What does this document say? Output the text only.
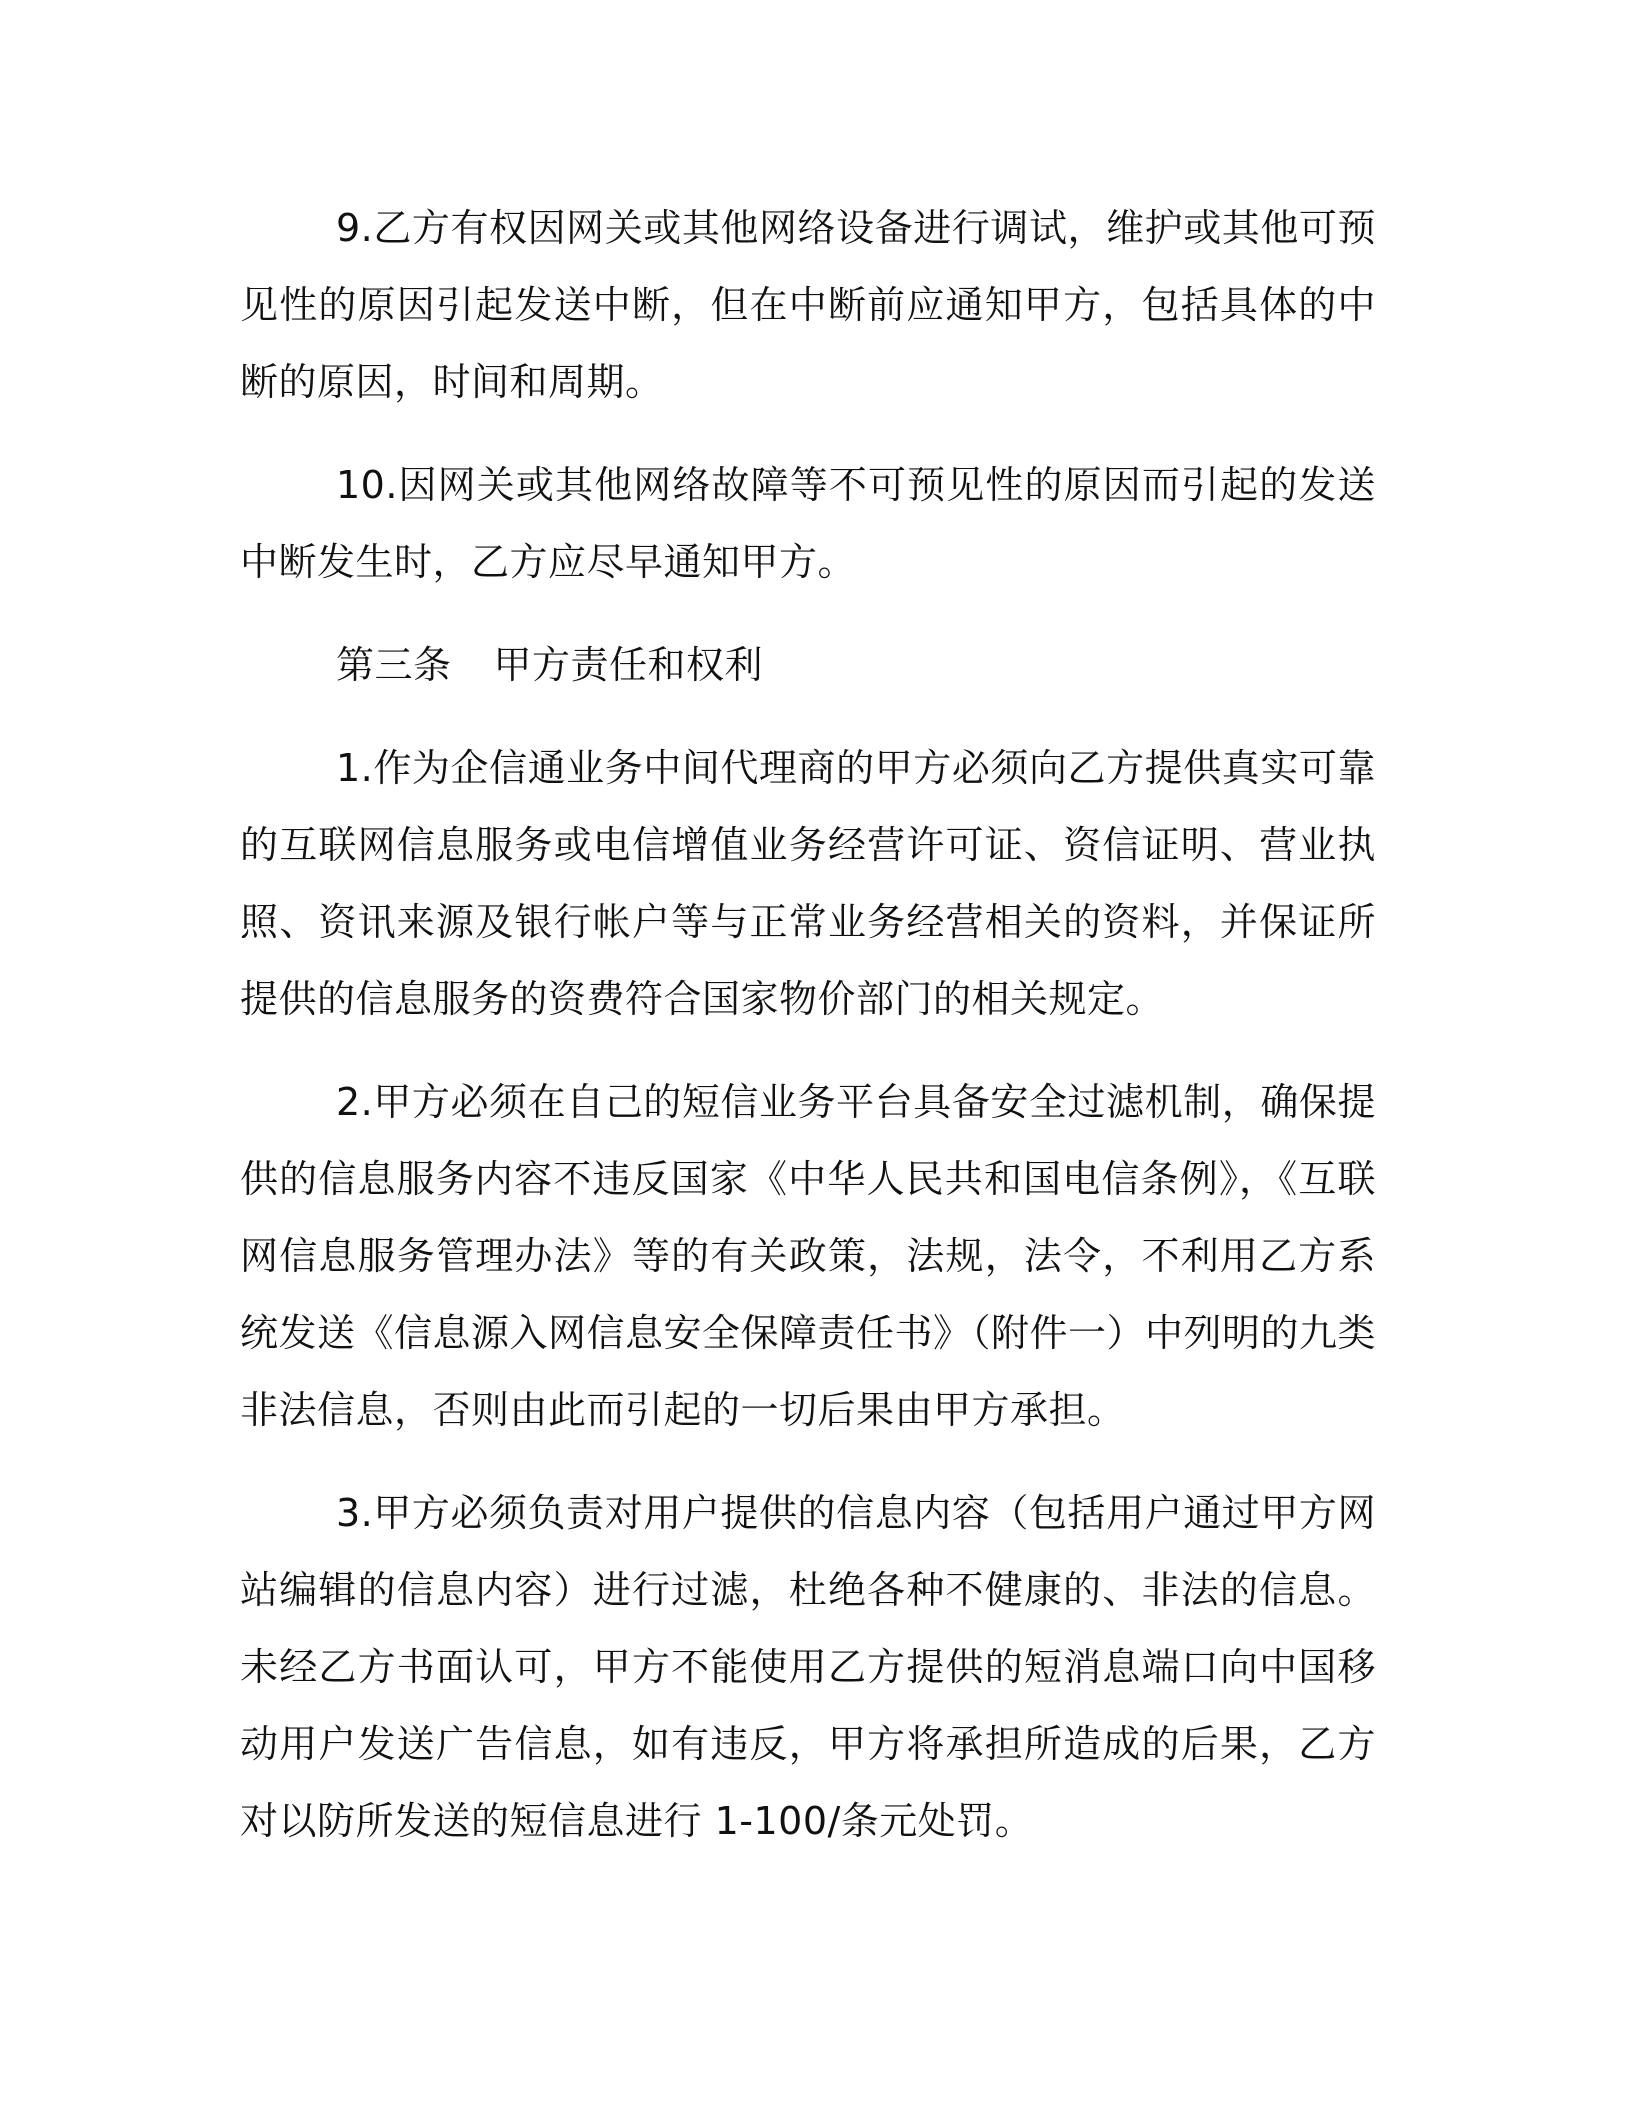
9.乙方有权因网关或其他网络设备进行调试，维护或其他可预见性的原因引起发送中断，但在中断前应通知甲方，包括具体的中断的原因，时间和周期。

10.因网关或其他网络故障等不可预见性的原因而引起的发送中断发生时，乙方应尽早通知甲方。

第三条 甲方责任和权利

1.作为企信通业务中间代理商的甲方必须向乙方提供真实可靠的互联网信息服务或电信增值业务经营许可证、资信证明、营业执照、资讯来源及银行帐户等与正常业务经营相关的资料，并保证所提供的信息服务的资费符合国家物价部门的相关规定。

2.甲方必须在自己的短信业务平台具备安全过滤机制，确保提供的信息服务内容不违反国家《中华人民共和国电信条例》，《互联网信息服务管理办法》等的有关政策，法规，法令，不利用乙方系统发送《信息源入网信息安全保障责任书》（附件一）中列明的九类非法信息，否则由此而引起的一切后果由甲方承担。

3.甲方必须负责对用户提供的信息内容（包括用户通过甲方网站编辑的信息内容）进行过滤，杜绝各种不健康的、非法的信息。未经乙方书面认可，甲方不能使用乙方提供的短消息端口向中国移动用户发送广告信息，如有违反，甲方将承担所造成的后果，乙方对以防所发送的短信息进行 1-100/条元处罚。
